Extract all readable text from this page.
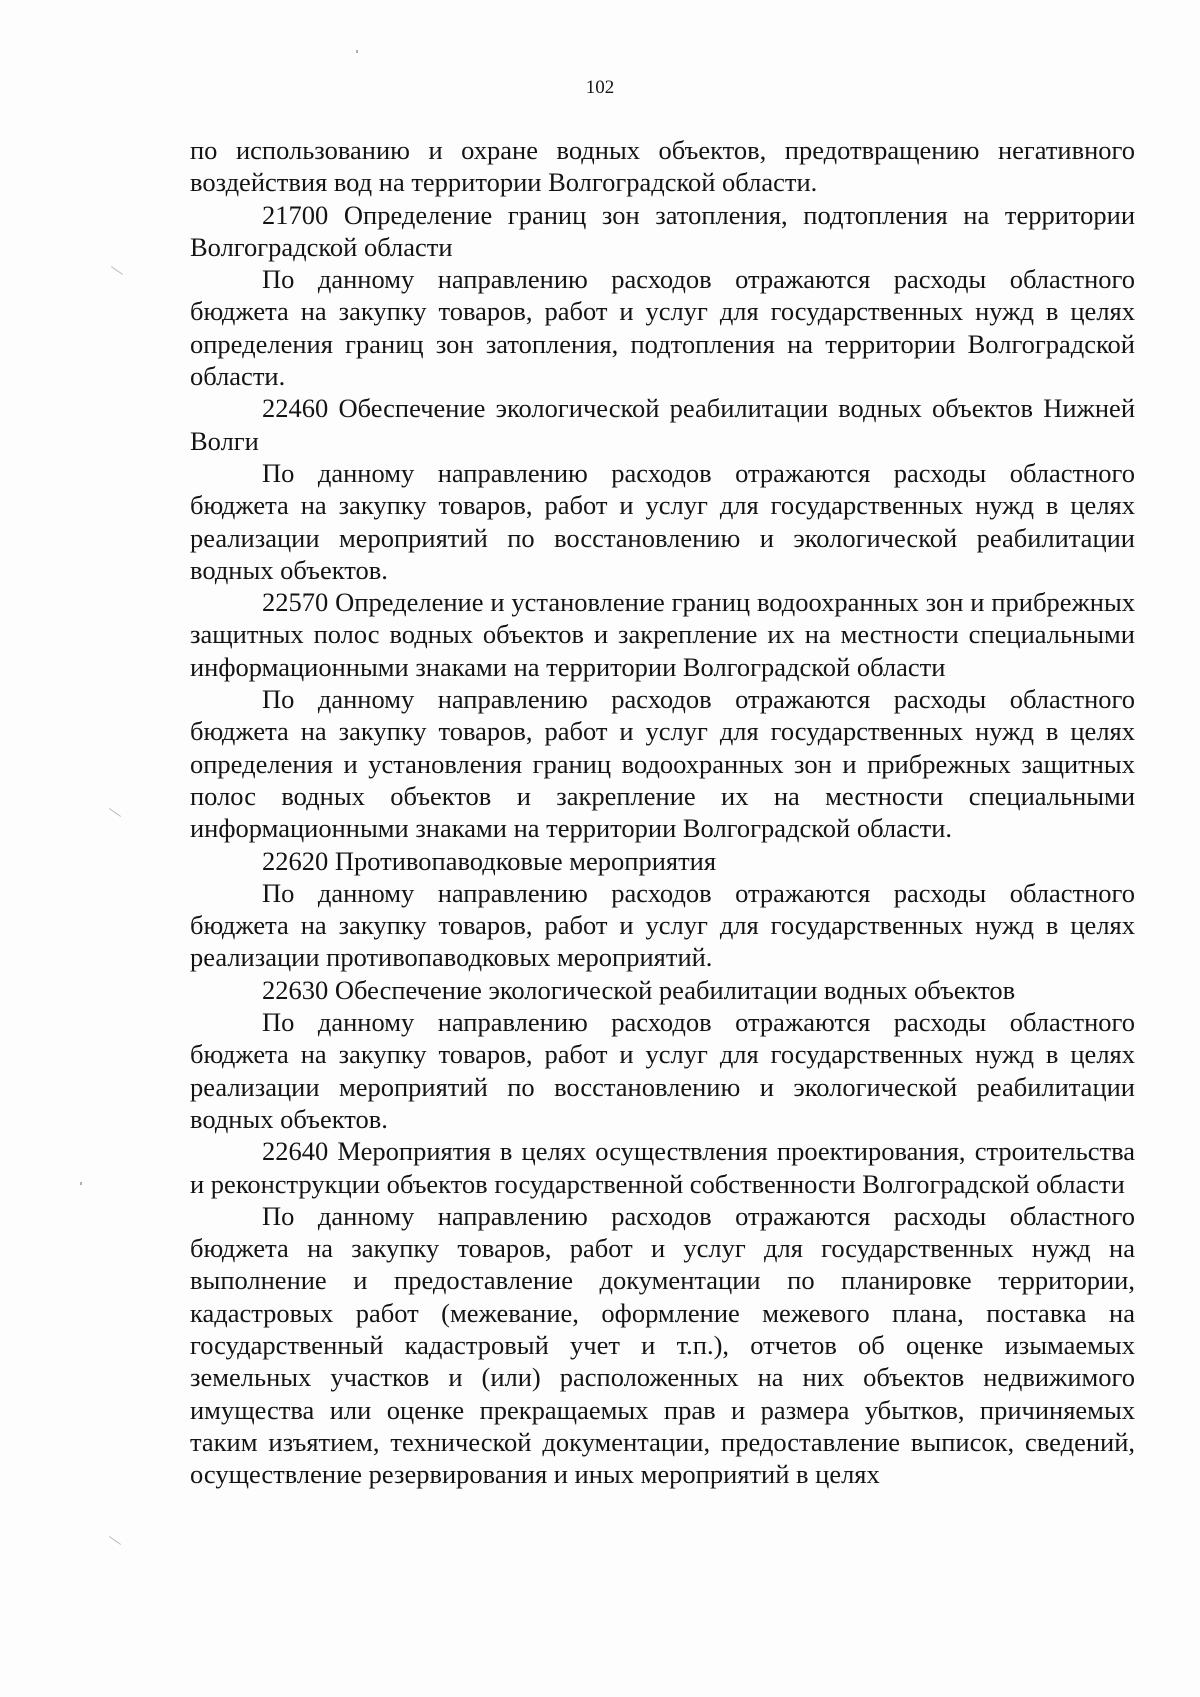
102

по использованию и охране водных объектов, предотвращению негативного воздействия вод на территории Волгоградской области.

21700 Определение границ зон затопления, подтопления на территории Волгоградской области

По данному направлению расходов отражаются расходы областного бюджета на закупку товаров, работ и услуг для государственных нужд в целях определения границ зон затопления, подтопления на территории Волгоградской области.

22460 Обеспечение экологической реабилитации водных объектов Нижней Волги

По данному направлению расходов отражаются расходы областного бюджета на закупку товаров, работ и услуг для государственных нужд в целях реализации мероприятий по восстановлению и экологической реабилитации водных объектов.

22570 Определение и установление границ водоохранных зон и прибрежных защитных полос водных объектов и закрепление их на местности специальными информационными знаками на территории Волгоградской области

По данному направлению расходов отражаются расходы областного бюджета на закупку товаров, работ и услуг для государственных нужд в целях определения и установления границ водоохранных зон и прибрежных защитных полос водных объектов и закрепление их на местности специальными информационными знаками на территории Волгоградской области.

22620 Противопаводковые мероприятия

По данному направлению расходов отражаются расходы областного бюджета на закупку товаров, работ и услуг для государственных нужд в целях реализации противопаводковых мероприятий.

22630 Обеспечение экологической реабилитации водных объектов

По данному направлению расходов отражаются расходы областного бюджета на закупку товаров, работ и услуг для государственных нужд в целях реализации мероприятий по восстановлению и экологической реабилитации водных объектов.

22640 Мероприятия в целях осуществления проектирования, строительства и реконструкции объектов государственной собственности Волгоградской области

По данному направлению расходов отражаются расходы областного бюджета на закупку товаров, работ и услуг для государственных нужд на выполнение и предоставление документации по планировке территории, кадастровых работ (межевание, оформление межевого плана, поставка на государственный кадастровый учет и т.п.), отчетов об оценке изымаемых земельных участков и (или) расположенных на них объектов недвижимого имущества или оценке прекращаемых прав и размера убытков, причиняемых таким изъятием, технической документации, предоставление выписок, сведений, осуществление резервирования и иных мероприятий в целях
